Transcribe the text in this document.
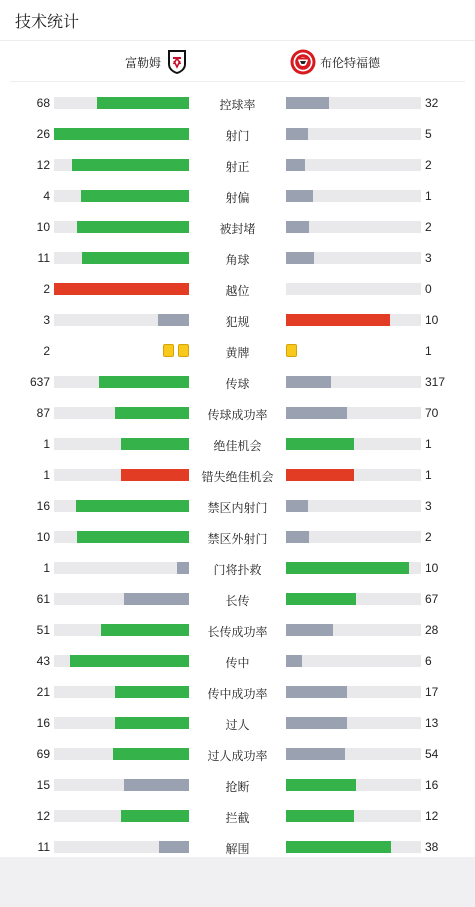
技术统计
富勒姆	布伦特福德
68	控球率	32
26	射门	5
12	射正	2
4	射偏	1
10	被封堵	2
11	角球	3
2	越位	0
3	犯规	10
2	黄牌	1
637	传球	317
87	传球成功率	70
1	绝佳机会	1
1	错失绝佳机会	1
16	禁区内射门	3
10	禁区外射门	2
1	门将扑救	10
61	长传	67
51	长传成功率	28
43	传中	6
21	传中成功率	17
16	过人	13
69	过人成功率	54
15	抢断	16
12	拦截	12
11	解围	38
